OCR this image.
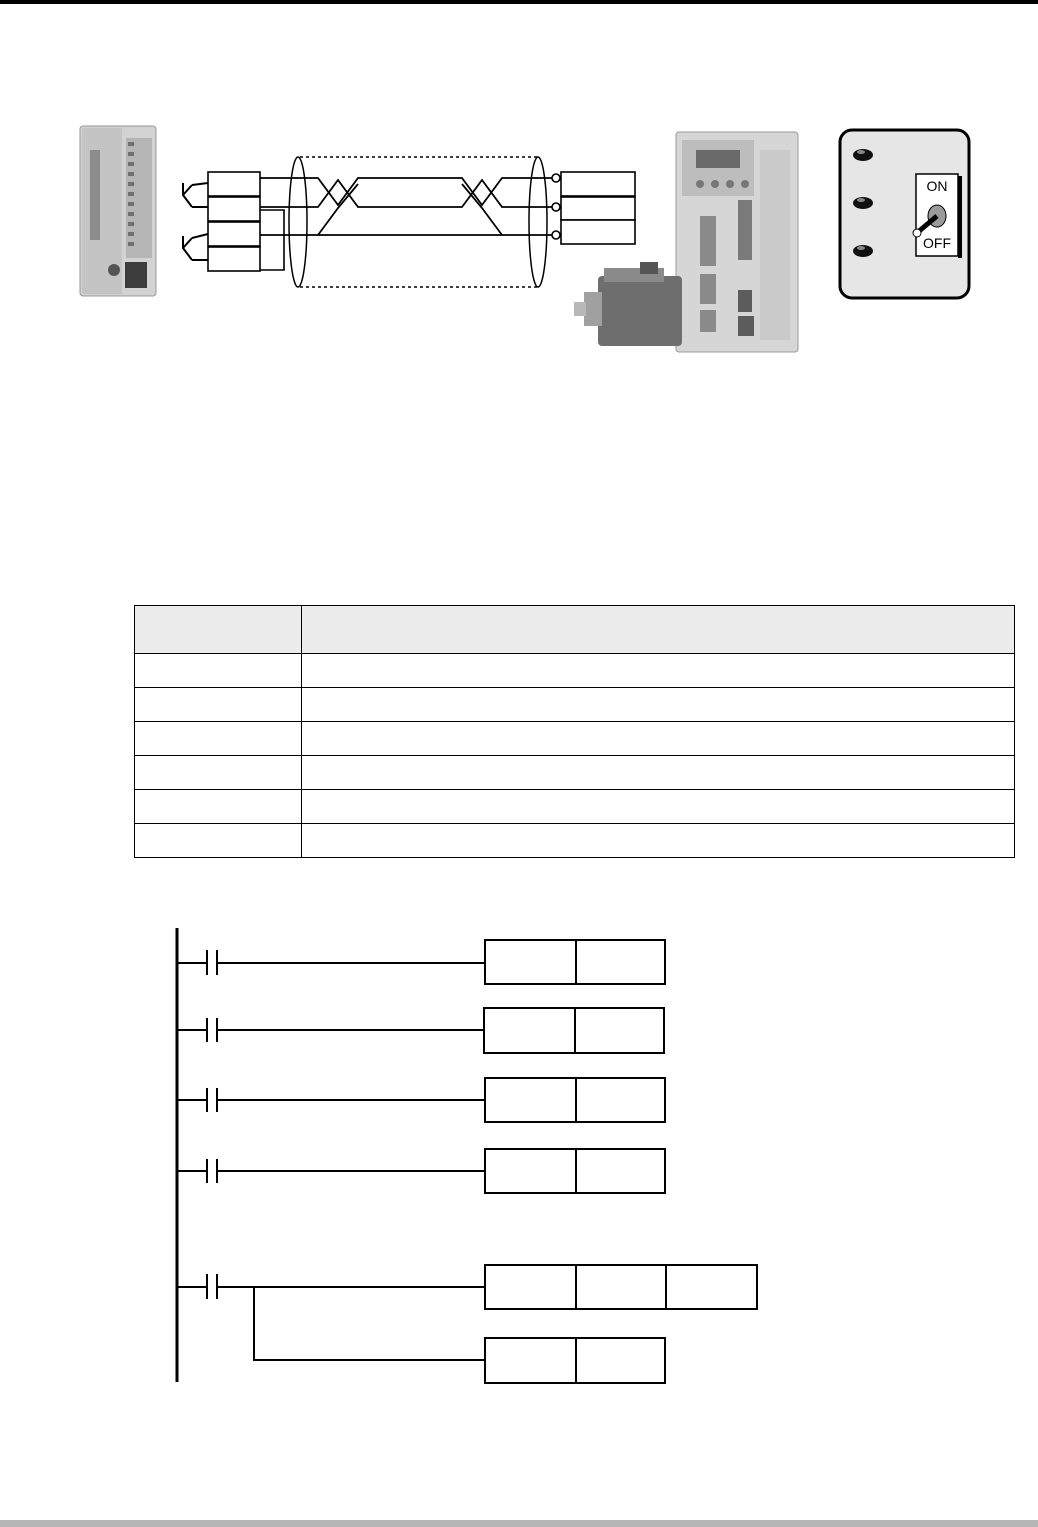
ON
OFF
